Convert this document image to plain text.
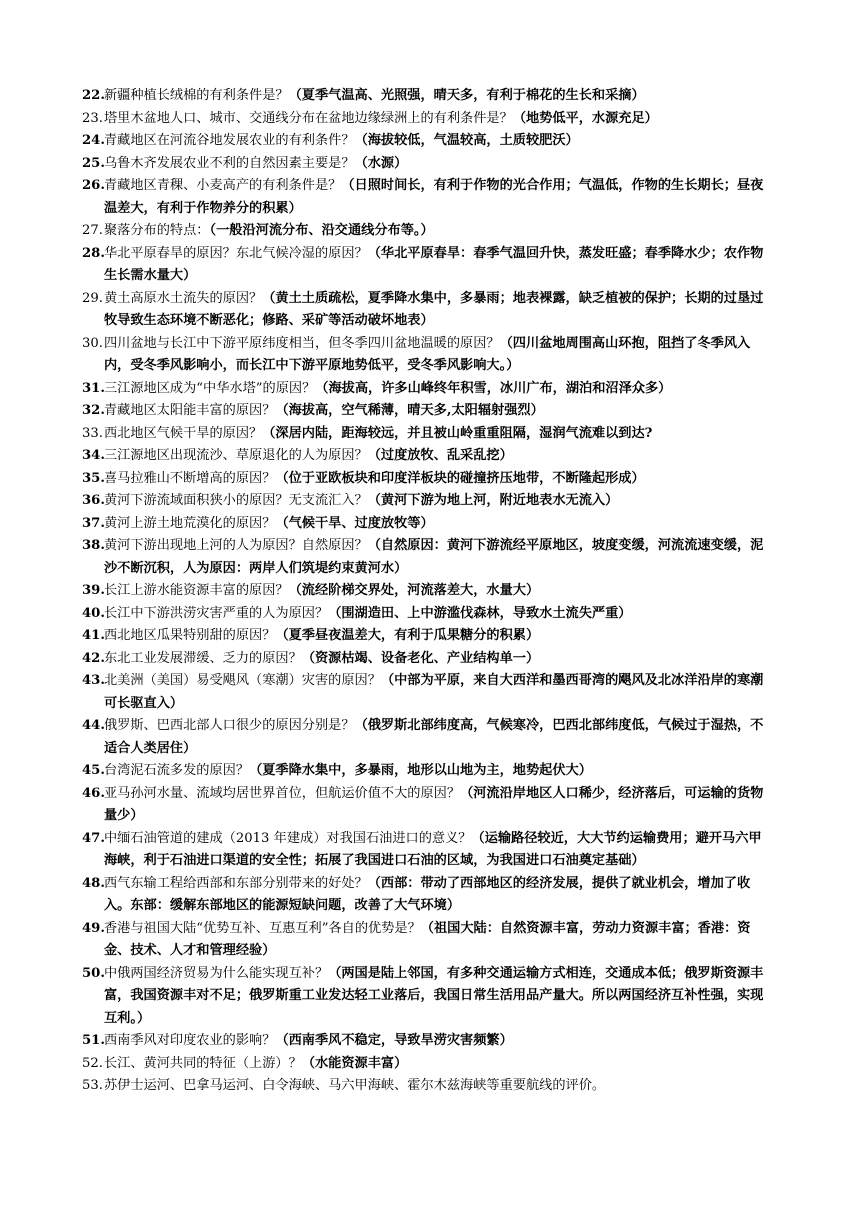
22. 新疆种植长绒棉的有利条件是？（夏季气温高、光照强，晴天多，有利于棉花的生长和采摘）
23. 塔里木盆地人口、城市、交通线分布在盆地边缘绿洲上的有利条件是？（地势低平，水源充足）
24. 青藏地区在河流谷地发展农业的有利条件？（海拔较低，气温较高，土质较肥沃）
25. 乌鲁木齐发展农业不利的自然因素主要是？（水源）
26. 青藏地区青稞、小麦高产的有利条件是？（日照时间长，有利于作物的光合作用；气温低，作物的生长期长；昼夜温差大，有利于作物养分的积累）
27. 聚落分布的特点：（一般沿河流分布、沿交通线分布等。）
28. 华北平原春旱的原因？东北气候冷湿的原因？（华北平原春旱：春季气温回升快，蒸发旺盛；春季降水少；农作物生长需水量大）
29. 黄土高原水土流失的原因？（黄土土质疏松，夏季降水集中，多暴雨；地表裸露，缺乏植被的保护；长期的过垦过牧导致生态环境不断恶化；修路、采矿等活动破坏地表）
30. 四川盆地与长江中下游平原纬度相当，但冬季四川盆地温暖的原因？（四川盆地周围高山环抱，阻挡了冬季风入内，受冬季风影响小，而长江中下游平原地势低平，受冬季风影响大。）
31. 三江源地区成为“中华水塔”的原因？（海拔高，许多山峰终年积雪，冰川广布，湖泊和沼泽众多）
32. 青藏地区太阳能丰富的原因？（海拔高，空气稀薄，晴天多,太阳辐射强烈）
33. 西北地区气候干旱的原因？（深居内陆，距海较远，并且被山岭重重阻隔，湿润气流难以到达?
34. 三江源地区出现流沙、草原退化的人为原因？（过度放牧、乱采乱挖）
35. 喜马拉雅山不断增高的原因？（位于亚欧板块和印度洋板块的碰撞挤压地带，不断隆起形成）
36. 黄河下游流域面积狭小的原因？无支流汇入？（黄河下游为地上河，附近地表水无流入）
37. 黄河上游土地荒漠化的原因？（气候干旱、过度放牧等）
38. 黄河下游出现地上河的人为原因？自然原因？（自然原因：黄河下游流经平原地区，坡度变缓，河流流速变缓，泥沙不断沉积，人为原因：两岸人们筑堤约束黄河水）
39. 长江上游水能资源丰富的原因？（流经阶梯交界处，河流落差大，水量大）
40. 长江中下游洪涝灾害严重的人为原因？（围湖造田、上中游滥伐森林，导致水土流失严重）
41. 西北地区瓜果特别甜的原因？（夏季昼夜温差大，有利于瓜果糖分的积累）
42. 东北工业发展滞缓、乏力的原因？（资源枯竭、设备老化、产业结构单一）
43. 北美洲（美国）易受飓风（寒潮）灾害的原因？（中部为平原，来自大西洋和墨西哥湾的飓风及北冰洋沿岸的寒潮可长驱直入）
44. 俄罗斯、巴西北部人口很少的原因分别是？（俄罗斯北部纬度高，气候寒冷，巴西北部纬度低，气候过于湿热，不适合人类居住）
45. 台湾泥石流多发的原因？（夏季降水集中，多暴雨，地形以山地为主，地势起伏大）
46. 亚马孙河水量、流域均居世界首位，但航运价值不大的原因？（河流沿岸地区人口稀少，经济落后，可运输的货物量少）
47. 中缅石油管道的建成（2013 年建成）对我国石油进口的意义？（运输路径较近，大大节约运输费用；避开马六甲海峡，利于石油进口渠道的安全性；拓展了我国进口石油的区域，为我国进口石油奠定基础）
48. 西气东输工程给西部和东部分别带来的好处？（西部：带动了西部地区的经济发展，提供了就业机会，增加了收入。东部：缓解东部地区的能源短缺问题，改善了大气环境）
49. 香港与祖国大陆“优势互补、互惠互利”各自的优势是？（祖国大陆：自然资源丰富，劳动力资源丰富；香港：资金、技术、人才和管理经验）
50. 中俄两国经济贸易为什么能实现互补？（两国是陆上邻国，有多种交通运输方式相连，交通成本低；俄罗斯资源丰富，我国资源丰对不足；俄罗斯重工业发达轻工业落后，我国日常生活用品产量大。所以两国经济互补性强，实现互利。）
51. 西南季风对印度农业的影响？（西南季风不稳定，导致旱涝灾害频繁）
52. 长江、黄河共同的特征（上游）？（水能资源丰富）
53. 苏伊士运河、巴拿马运河、白令海峡、马六甲海峡、霍尔木兹海峡等重要航线的评价。
